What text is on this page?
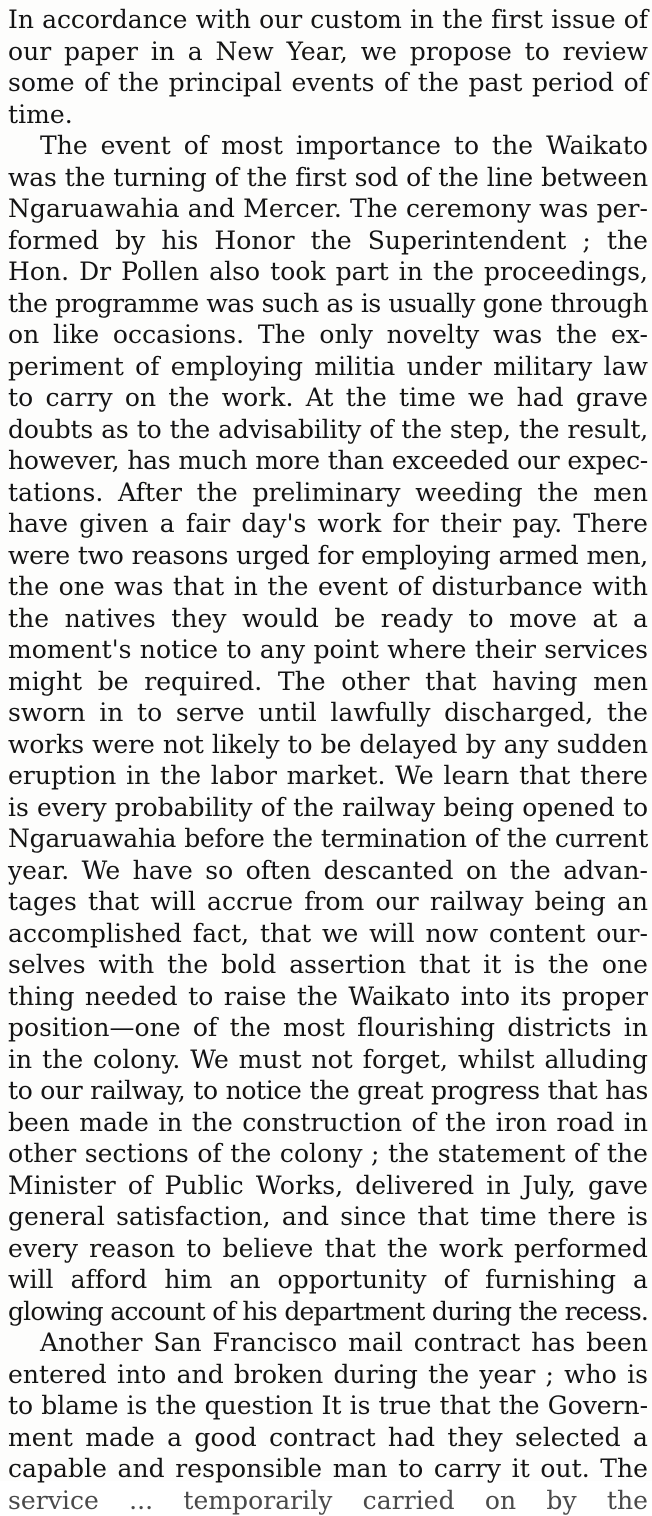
In accordance with our custom in the first issue of
our paper in a New Year, we propose to review
some of the principal events of the past period of
time.

The event of most importance to the Waikato
was the turning of the first sod of the line between
Ngaruawahia and Mercer. The ceremony was per-
formed by his Honor the Superintendent ; the
Hon. Dr Pollen also took part in the proceedings,
the programme was such as is usually gone through
on like occasions. The only novelty was the ex-
periment of employing militia under military law
to carry on the work. At the time we had grave
doubts as to the advisability of the step, the result,
however, has much more than exceeded our expec-
tations. After the preliminary weeding the men
have given a fair day's work for their pay. There
were two reasons urged for employing armed men,
the one was that in the event of disturbance with
the natives they would be ready to move at a
moment's notice to any point where their services
might be required. The other that having men
sworn in to serve until lawfully discharged, the
works were not likely to be delayed by any sudden
eruption in the labor market. We learn that there
is every probability of the railway being opened to
Ngaruawahia before the termination of the current
year. We have so often descanted on the advan-
tages that will accrue from our railway being an
accomplished fact, that we will now content our-
selves with the bold assertion that it is the one
thing needed to raise the Waikato into its proper
position—one of the most flourishing districts in
in the colony. We must not forget, whilst alluding
to our railway, to notice the great progress that has
been made in the construction of the iron road in
other sections of the colony ; the statement of the
Minister of Public Works, delivered in July, gave
general satisfaction, and since that time there is
every reason to believe that the work performed
will afford him an opportunity of furnishing a
glowing account of his department during the recess.

Another San Francisco mail contract has been
entered into and broken during the year ; who is
to blame is the question It is true that the Govern-
ment made a good contract had they selected a
capable and responsible man to carry it out. The
service ... temporarily carried on by the
